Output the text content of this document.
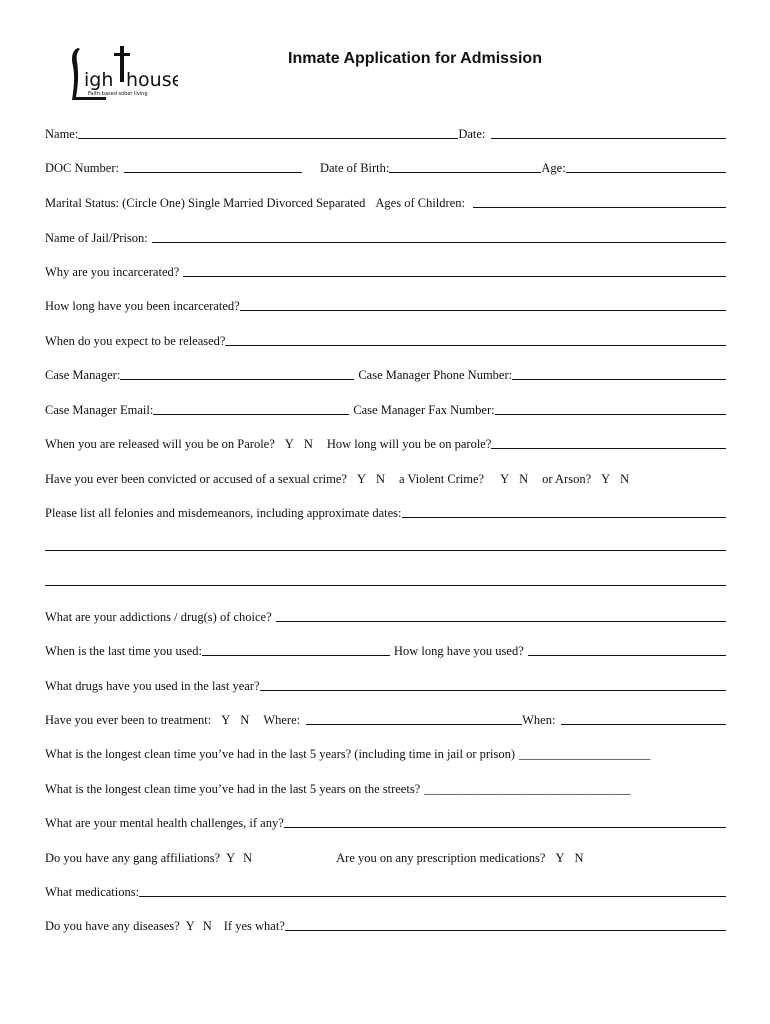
igh house
Faith-based sober living
Inmate Application for Admission
Name:	Date:
DOC Number:	Date of Birth:	Age:
Marital Status: (Circle One) Single Married Divorced Separated Ages of Children:
Name of Jail/Prison:
Why are you incarcerated?
How long have you been incarcerated?
When do you expect to be released?
Case Manager:	Case Manager Phone Number:
Case Manager Email:	Case Manager Fax Number:
When you are released will you be on Parole? Y N How long will you be on parole?
Have you ever been convicted or accused of a sexual crime? Y N a Violent Crime? Y N or Arson? Y N
Please list all felonies and misdemeanors, including approximate dates:
What are your addictions / drug(s) of choice?
When is the last time you used:	How long have you used?
What drugs have you used in the last year?
Have you ever been to treatment: Y N Where:	When:
What is the longest clean time you’ve had in the last 5 years? (including time in jail or prison) _____________________
What is the longest clean time you’ve had in the last 5 years on the streets? _________________________________
What are your mental health challenges, if any?
Do you have any gang affiliations? Y N	Are you on any prescription medications? Y N
What medications:
Do you have any diseases? Y N If yes what?
